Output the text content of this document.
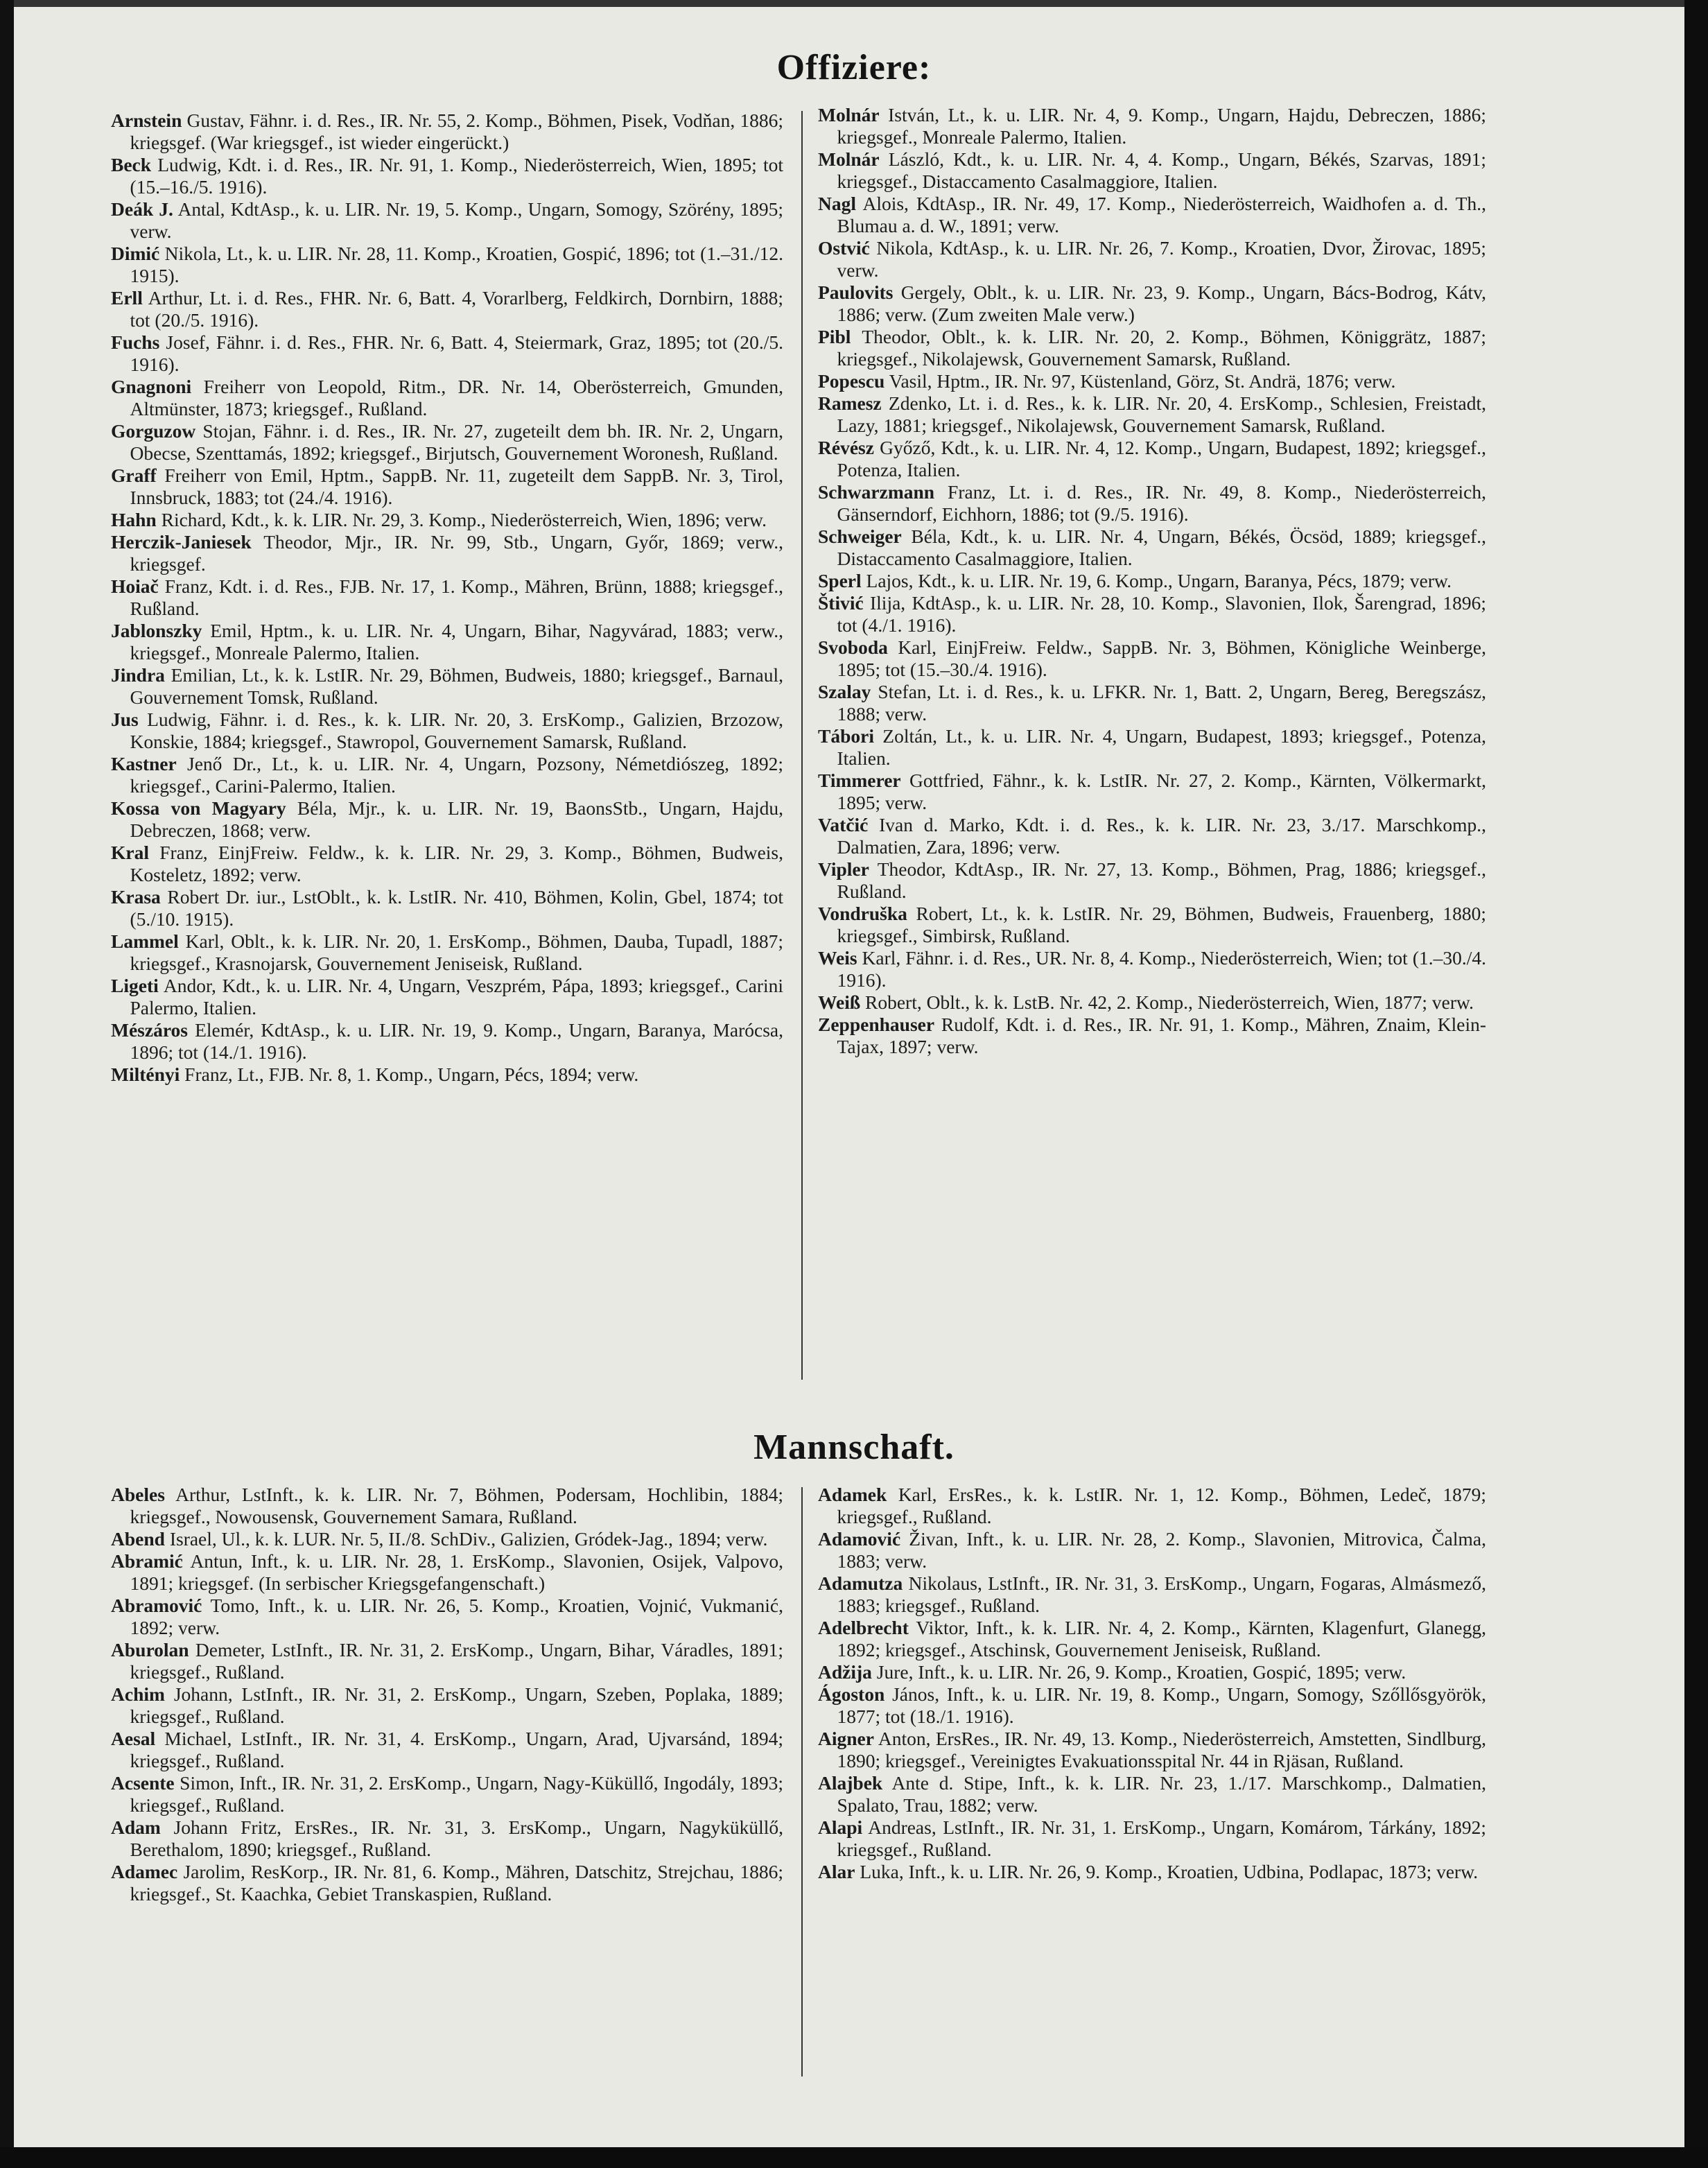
Offiziere:

Arnstein Gustav, Fähnr. i. d. Res., IR. Nr. 55, 2. Komp., Böhmen, Pisek, Vodňan, 1886; kriegsgef. (War kriegsgef., ist wieder eingerückt.)

Beck Ludwig, Kdt. i. d. Res., IR. Nr. 91, 1. Komp., Niederösterreich, Wien, 1895; tot (15.–16./5. 1916).

Deák J. Antal, KdtAsp., k. u. LIR. Nr. 19, 5. Komp., Ungarn, Somogy, Szörény, 1895; verw.

Dimić Nikola, Lt., k. u. LIR. Nr. 28, 11. Komp., Kroatien, Gospić, 1896; tot (1.–31./12. 1915).

Erll Arthur, Lt. i. d. Res., FHR. Nr. 6, Batt. 4, Vorarlberg, Feldkirch, Dornbirn, 1888; tot (20./5. 1916).

Fuchs Josef, Fähnr. i. d. Res., FHR. Nr. 6, Batt. 4, Steiermark, Graz, 1895; tot (20./5. 1916).

Gnagnoni Freiherr von Leopold, Ritm., DR. Nr. 14, Oberösterreich, Gmunden, Altmünster, 1873; kriegsgef., Rußland.

Gorguzow Stojan, Fähnr. i. d. Res., IR. Nr. 27, zugeteilt dem bh. IR. Nr. 2, Ungarn, Obecse, Szenttamás, 1892; kriegsgef., Birjutsch, Gouvernement Woronesh, Rußland.

Graff Freiherr von Emil, Hptm., SappB. Nr. 11, zugeteilt dem SappB. Nr. 3, Tirol, Innsbruck, 1883; tot (24./4. 1916).

Hahn Richard, Kdt., k. k. LIR. Nr. 29, 3. Komp., Niederösterreich, Wien, 1896; verw.

Herczik-Janiesek Theodor, Mjr., IR. Nr. 99, Stb., Ungarn, Győr, 1869; verw., kriegsgef.

Hoiač Franz, Kdt. i. d. Res., FJB. Nr. 17, 1. Komp., Mähren, Brünn, 1888; kriegsgef., Rußland.

Jablonszky Emil, Hptm., k. u. LIR. Nr. 4, Ungarn, Bihar, Nagyvárad, 1883; verw., kriegsgef., Monreale Palermo, Italien.

Jindra Emilian, Lt., k. k. LstIR. Nr. 29, Böhmen, Budweis, 1880; kriegsgef., Barnaul, Gouvernement Tomsk, Rußland.

Jus Ludwig, Fähnr. i. d. Res., k. k. LIR. Nr. 20, 3. ErsKomp., Galizien, Brzozow, Konskie, 1884; kriegsgef., Stawropol, Gouvernement Samarsk, Rußland.

Kastner Jenő Dr., Lt., k. u. LIR. Nr. 4, Ungarn, Pozsony, Németdiószeg, 1892; kriegsgef., Carini-Palermo, Italien.

Kossa von Magyary Béla, Mjr., k. u. LIR. Nr. 19, BaonsStb., Ungarn, Hajdu, Debreczen, 1868; verw.

Kral Franz, EinjFreiw. Feldw., k. k. LIR. Nr. 29, 3. Komp., Böhmen, Budweis, Kosteletz, 1892; verw.

Krasa Robert Dr. iur., LstOblt., k. k. LstIR. Nr. 410, Böhmen, Kolin, Gbel, 1874; tot (5./10. 1915).

Lammel Karl, Oblt., k. k. LIR. Nr. 20, 1. ErsKomp., Böhmen, Dauba, Tupadl, 1887; kriegsgef., Krasnojarsk, Gouvernement Jeniseisk, Rußland.

Ligeti Andor, Kdt., k. u. LIR. Nr. 4, Ungarn, Veszprém, Pápa, 1893; kriegsgef., Carini Palermo, Italien.

Mészáros Elemér, KdtAsp., k. u. LIR. Nr. 19, 9. Komp., Ungarn, Baranya, Marócsa, 1896; tot (14./1. 1916).

Miltényi Franz, Lt., FJB. Nr. 8, 1. Komp., Ungarn, Pécs, 1894; verw.

Molnár István, Lt., k. u. LIR. Nr. 4, 9. Komp., Ungarn, Hajdu, Debreczen, 1886; kriegsgef., Monreale Palermo, Italien.

Molnár László, Kdt., k. u. LIR. Nr. 4, 4. Komp., Ungarn, Békés, Szarvas, 1891; kriegsgef., Distaccamento Casalmaggiore, Italien.

Nagl Alois, KdtAsp., IR. Nr. 49, 17. Komp., Niederösterreich, Waidhofen a. d. Th., Blumau a. d. W., 1891; verw.

Ostvić Nikola, KdtAsp., k. u. LIR. Nr. 26, 7. Komp., Kroatien, Dvor, Žirovac, 1895; verw.

Paulovits Gergely, Oblt., k. u. LIR. Nr. 23, 9. Komp., Ungarn, Bács-Bodrog, Kátv, 1886; verw. (Zum zweiten Male verw.)

Pibl Theodor, Oblt., k. k. LIR. Nr. 20, 2. Komp., Böhmen, Königgrätz, 1887; kriegsgef., Nikolajewsk, Gouvernement Samarsk, Rußland.

Popescu Vasil, Hptm., IR. Nr. 97, Küstenland, Görz, St. Andrä, 1876; verw.

Ramesz Zdenko, Lt. i. d. Res., k. k. LIR. Nr. 20, 4. ErsKomp., Schlesien, Freistadt, Lazy, 1881; kriegsgef., Nikolajewsk, Gouvernement Samarsk, Rußland.

Révész Győző, Kdt., k. u. LIR. Nr. 4, 12. Komp., Ungarn, Budapest, 1892; kriegsgef., Potenza, Italien.

Schwarzmann Franz, Lt. i. d. Res., IR. Nr. 49, 8. Komp., Niederösterreich, Gänserndorf, Eichhorn, 1886; tot (9./5. 1916).

Schweiger Béla, Kdt., k. u. LIR. Nr. 4, Ungarn, Békés, Öcsöd, 1889; kriegsgef., Distaccamento Casalmaggiore, Italien.

Sperl Lajos, Kdt., k. u. LIR. Nr. 19, 6. Komp., Ungarn, Baranya, Pécs, 1879; verw.

Štivić Ilija, KdtAsp., k. u. LIR. Nr. 28, 10. Komp., Slavonien, Ilok, Šarengrad, 1896; tot (4./1. 1916).

Svoboda Karl, EinjFreiw. Feldw., SappB. Nr. 3, Böhmen, Königliche Weinberge, 1895; tot (15.–30./4. 1916).

Szalay Stefan, Lt. i. d. Res., k. u. LFKR. Nr. 1, Batt. 2, Ungarn, Bereg, Beregszász, 1888; verw.

Tábori Zoltán, Lt., k. u. LIR. Nr. 4, Ungarn, Budapest, 1893; kriegsgef., Potenza, Italien.

Timmerer Gottfried, Fähnr., k. k. LstIR. Nr. 27, 2. Komp., Kärnten, Völkermarkt, 1895; verw.

Vatčić Ivan d. Marko, Kdt. i. d. Res., k. k. LIR. Nr. 23, 3./17. Marschkomp., Dalmatien, Zara, 1896; verw.

Vipler Theodor, KdtAsp., IR. Nr. 27, 13. Komp., Böhmen, Prag, 1886; kriegsgef., Rußland.

Vondruška Robert, Lt., k. k. LstIR. Nr. 29, Böhmen, Budweis, Frauenberg, 1880; kriegsgef., Simbirsk, Rußland.

Weis Karl, Fähnr. i. d. Res., UR. Nr. 8, 4. Komp., Niederösterreich, Wien; tot (1.–30./4. 1916).

Weiß Robert, Oblt., k. k. LstB. Nr. 42, 2. Komp., Niederösterreich, Wien, 1877; verw.

Zeppenhauser Rudolf, Kdt. i. d. Res., IR. Nr. 91, 1. Komp., Mähren, Znaim, Klein-Tajax, 1897; verw.

Mannschaft.

Abeles Arthur, LstInft., k. k. LIR. Nr. 7, Böhmen, Podersam, Hochlibin, 1884; kriegsgef., Nowousensk, Gouvernement Samara, Rußland.

Abend Israel, Ul., k. k. LUR. Nr. 5, II./8. SchDiv., Galizien, Gródek-Jag., 1894; verw.

Abramić Antun, Inft., k. u. LIR. Nr. 28, 1. ErsKomp., Slavonien, Osijek, Valpovo, 1891; kriegsgef. (In serbischer Kriegsgefangenschaft.)

Abramović Tomo, Inft., k. u. LIR. Nr. 26, 5. Komp., Kroatien, Vojnić, Vukmanić, 1892; verw.

Aburolan Demeter, LstInft., IR. Nr. 31, 2. ErsKomp., Ungarn, Bihar, Váradles, 1891; kriegsgef., Rußland.

Achim Johann, LstInft., IR. Nr. 31, 2. ErsKomp., Ungarn, Szeben, Poplaka, 1889; kriegsgef., Rußland.

Aesal Michael, LstInft., IR. Nr. 31, 4. ErsKomp., Ungarn, Arad, Ujvarsánd, 1894; kriegsgef., Rußland.

Acsente Simon, Inft., IR. Nr. 31, 2. ErsKomp., Ungarn, Nagy-Küküllő, Ingodály, 1893; kriegsgef., Rußland.

Adam Johann Fritz, ErsRes., IR. Nr. 31, 3. ErsKomp., Ungarn, Nagyküküllő, Berethalom, 1890; kriegsgef., Rußland.

Adamec Jarolim, ResKorp., IR. Nr. 81, 6. Komp., Mähren, Datschitz, Strejchau, 1886; kriegsgef., St. Kaachka, Gebiet Transkaspien, Rußland.

Adamek Karl, ErsRes., k. k. LstIR. Nr. 1, 12. Komp., Böhmen, Ledeč, 1879; kriegsgef., Rußland.

Adamović Živan, Inft., k. u. LIR. Nr. 28, 2. Komp., Slavonien, Mitrovica, Čalma, 1883; verw.

Adamutza Nikolaus, LstInft., IR. Nr. 31, 3. ErsKomp., Ungarn, Fogaras, Almásmező, 1883; kriegsgef., Rußland.

Adelbrecht Viktor, Inft., k. k. LIR. Nr. 4, 2. Komp., Kärnten, Klagenfurt, Glanegg, 1892; kriegsgef., Atschinsk, Gouvernement Jeniseisk, Rußland.

Adžija Jure, Inft., k. u. LIR. Nr. 26, 9. Komp., Kroatien, Gospić, 1895; verw.

Ágoston János, Inft., k. u. LIR. Nr. 19, 8. Komp., Ungarn, Somogy, Szőllősgyörök, 1877; tot (18./1. 1916).

Aigner Anton, ErsRes., IR. Nr. 49, 13. Komp., Niederösterreich, Amstetten, Sindlburg, 1890; kriegsgef., Vereinigtes Evakuationsspital Nr. 44 in Rjäsan, Rußland.

Alajbek Ante d. Stipe, Inft., k. k. LIR. Nr. 23, 1./17. Marschkomp., Dalmatien, Spalato, Trau, 1882; verw.

Alapi Andreas, LstInft., IR. Nr. 31, 1. ErsKomp., Ungarn, Komárom, Tárkány, 1892; kriegsgef., Rußland.

Alar Luka, Inft., k. u. LIR. Nr. 26, 9. Komp., Kroatien, Udbina, Podlapac, 1873; verw.
